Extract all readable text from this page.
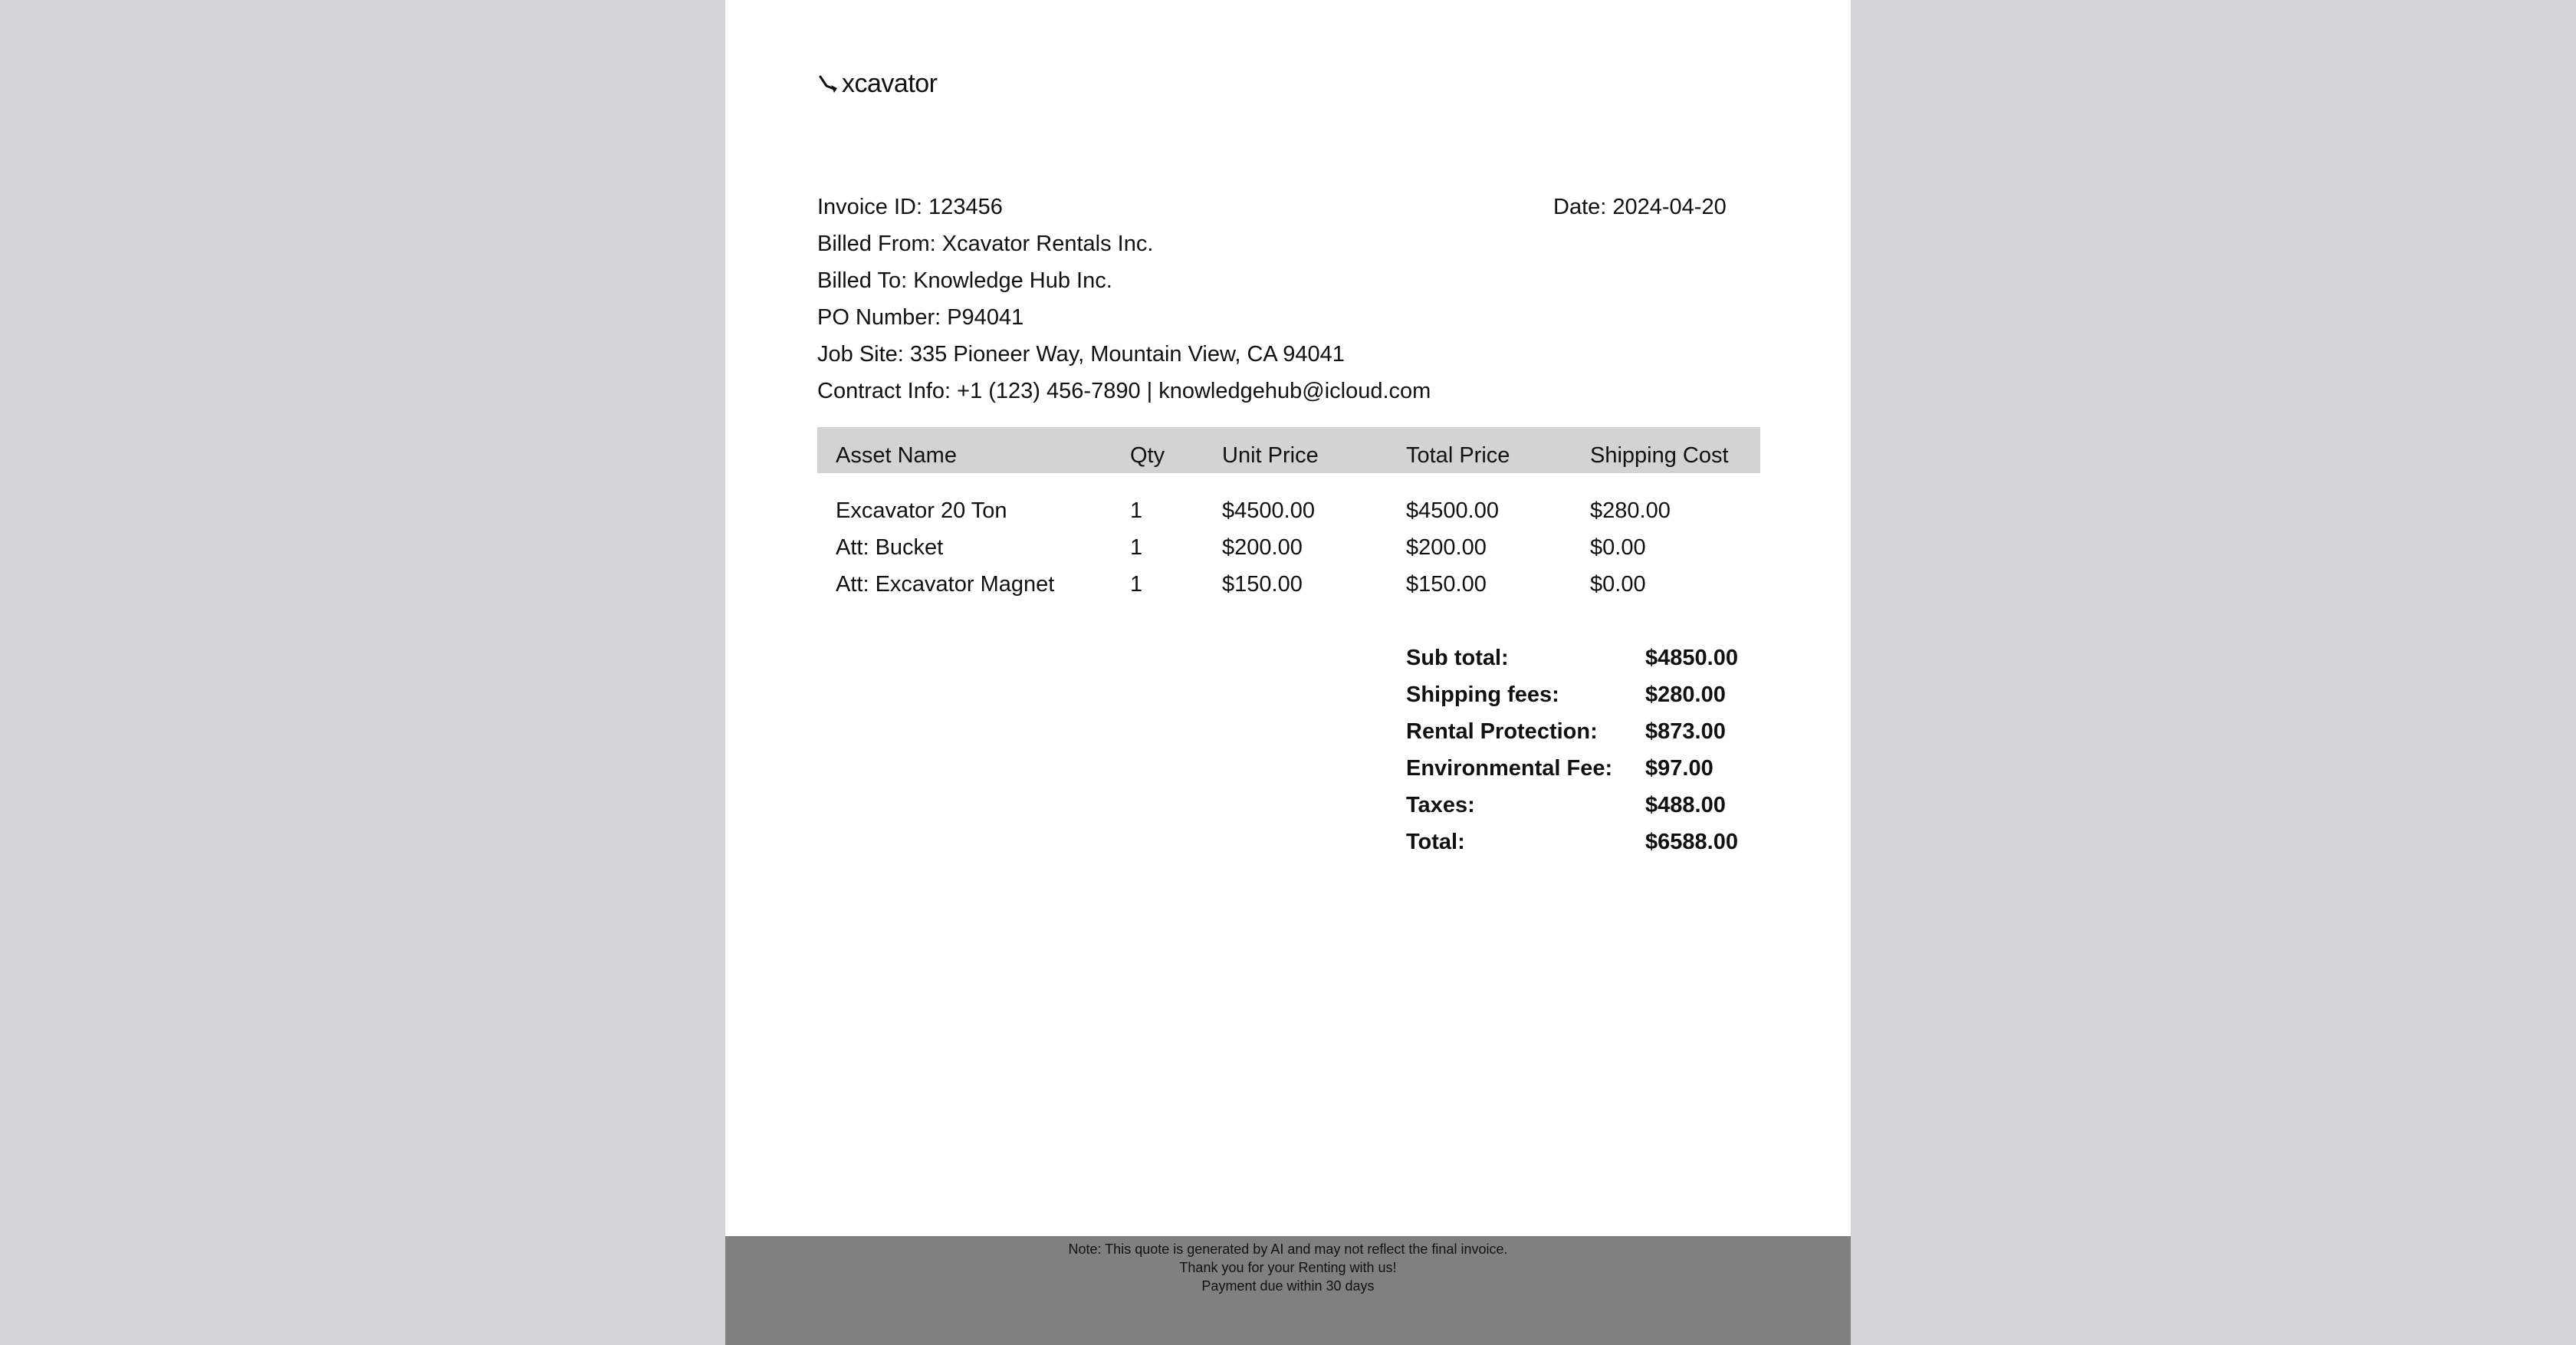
xcavator
Invoice ID: 123456	Date: 2024-04-20
Billed From: Xcavator Rentals Inc.
Billed To: Knowledge Hub Inc.
PO Number: P94041
Job Site: 335 Pioneer Way, Mountain View, CA 94041
Contract Info: +1 (123) 456-7890 | knowledgehub@icloud.com
Asset Name	Qty	Unit Price	Total Price	Shipping Cost
Excavator 20 Ton	1	$4500.00	$4500.00	$280.00
Att: Bucket	1	$200.00	$200.00	$0.00
Att: Excavator Magnet	1	$150.00	$150.00	$0.00
Sub total:	$4850.00
Shipping fees:	$280.00
Rental Protection: $873.00
Environmental Fee: $97.00
Taxes:	$488.00
Total:	$6588.00
Note: This quote is generated by AI and may not reflect the final invoice.
Thank you for your Renting with us!
Payment due within 30 days
